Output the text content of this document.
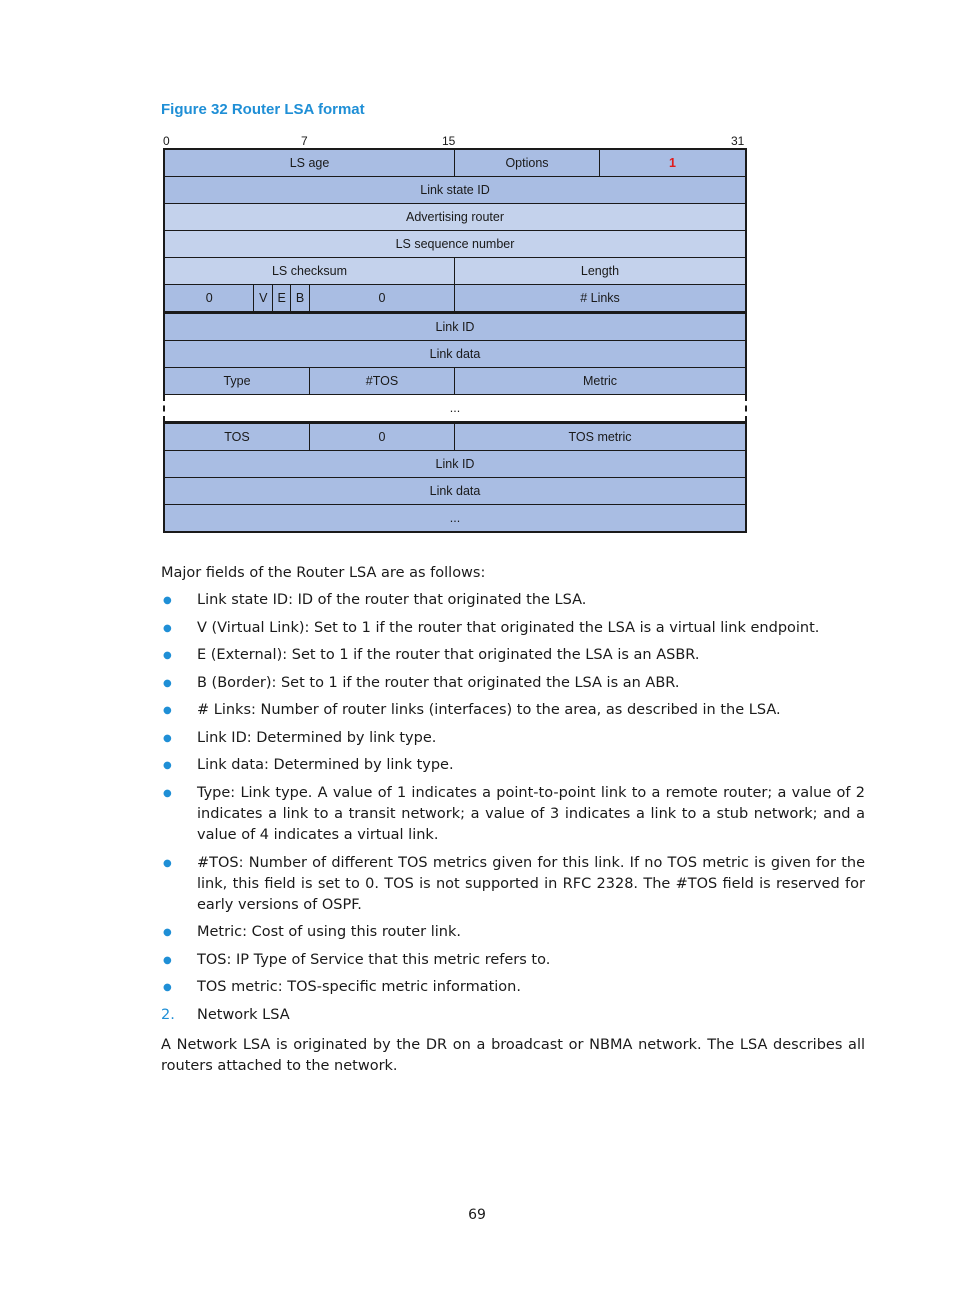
Figure 32 Router LSA format
0	7	15	31
LS age	Options	1
Link state ID
Advertising router
LS sequence number
LS checksum	Length
0	V E B	0	# Links
Link ID
Link data
Type	#TOS	Metric
...
TOS	0	TOS metric
Link ID
Link data
...
Major fields of the Router LSA are as follows:
●	Link state ID: ID of the router that originated the LSA.
●	V (Virtual Link): Set to 1 if the router that originated the LSA is a virtual link endpoint.
●	E (External): Set to 1 if the router that originated the LSA is an ASBR.
●	B (Border): Set to 1 if the router that originated the LSA is an ABR.
●	# Links: Number of router links (interfaces) to the area, as described in the LSA.
●	Link ID: Determined by link type.
●	Link data: Determined by link type.
●	Type: Link type. A value of 1 indicates a point-to-point link to a remote router; a value of 2 indicates a link to a transit network; a value of 3 indicates a link to a stub network; and a value of 4 indicates a virtual link.
●	#TOS: Number of different TOS metrics given for this link. If no TOS metric is given for the link, this field is set to 0. TOS is not supported in RFC 2328. The #TOS field is reserved for early versions of OSPF.
●	Metric: Cost of using this router link.
●	TOS: IP Type of Service that this metric refers to.
●	TOS metric: TOS-specific metric information.
2.	Network LSA
A Network LSA is originated by the DR on a broadcast or NBMA network. The LSA describes all routers attached to the network.
69
